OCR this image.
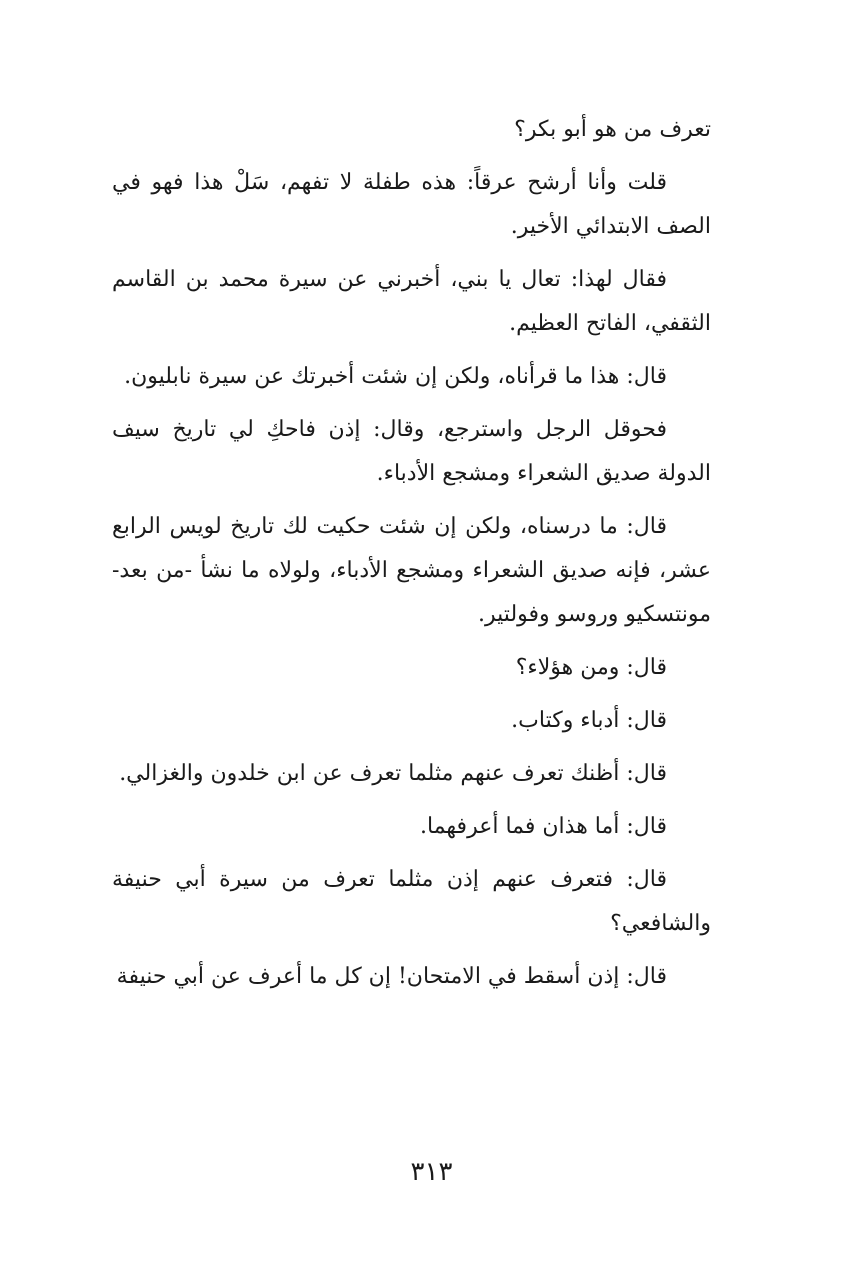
تعرف من هو أبو بكر؟

قلت وأنا أرشح عرقاً: هذه طفلة لا تفهم، سَلْ هذا فهو في الصف الابتدائي الأخير.

فقال لهذا: تعال يا بني، أخبرني عن سيرة محمد بن القاسم الثقفي، الفاتح العظيم.

قال: هذا ما قرأناه، ولكن إن شئت أخبرتك عن سيرة نابليون.

فحوقل الرجل واسترجع، وقال: إذن فاحكِ لي تاريخ سيف الدولة صديق الشعراء ومشجع الأدباء.

قال: ما درسناه، ولكن إن شئت حكيت لك تاريخ لويس الرابع عشر، فإنه صديق الشعراء ومشجع الأدباء، ولولاه ما نشأ -من بعد- مونتسكيو وروسو وفولتير.

قال: ومن هؤلاء؟

قال: أدباء وكتاب.

قال: أظنك تعرف عنهم مثلما تعرف عن ابن خلدون والغزالي.

قال: أما هذان فما أعرفهما.

قال: فتعرف عنهم إذن مثلما تعرف من سيرة أبي حنيفة والشافعي؟

قال: إذن أسقط في الامتحان! إن كل ما أعرف عن أبي حنيفة

٣١٣
